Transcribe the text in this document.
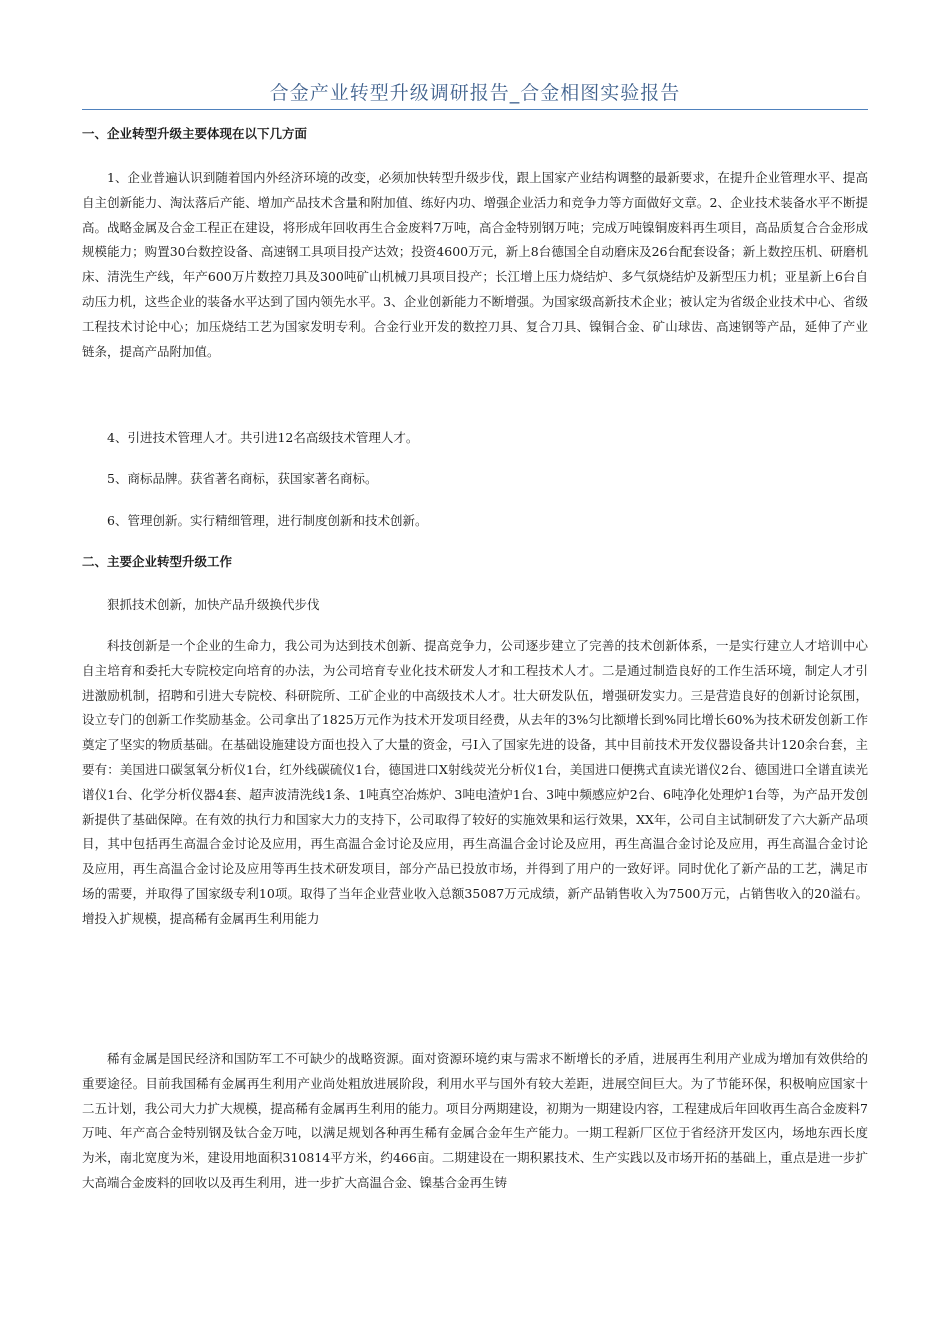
合金产业转型升级调研报告_合金相图实验报告
一、企业转型升级主要体现在以下几方面

1、企业普遍认识到随着国内外经济环境的改变，必须加快转型升级步伐，跟上国家产业结构调整的最新要求，在提升企业管理水平、提高自主创新能力、淘汰落后产能、增加产品技术含量和附加值、练好内功、增强企业活力和竞争力等方面做好文章。2、企业技术装备水平不断提高。战略金属及合金工程正在建设，将形成年回收再生合金废料7万吨，高合金特别钢万吨；完成万吨镍铜废料再生项目，高品质复合合金形成规模能力；购置30台数控设备、高速钢工具项目投产达效；投资4600万元，新上8台德国全自动磨床及26台配套设备；新上数控压机、研磨机床、清洗生产线，年产600万片数控刀具及300吨矿山机械刀具项目投产；长江增上压力烧结炉、多气氛烧结炉及新型压力机；亚星新上6台自动压力机，这些企业的装备水平达到了国内领先水平。3、企业创新能力不断增强。为国家级高新技术企业；被认定为省级企业技术中心、省级工程技术讨论中心；加压烧结工艺为国家发明专利。合金行业开发的数控刀具、复合刀具、镍铜合金、矿山球齿、高速钢等产品，延伸了产业链条，提高产品附加值。

4、引进技术管理人才。共引进12名高级技术管理人才。

5、商标品牌。获省著名商标，获国家著名商标。

6、管理创新。实行精细管理，进行制度创新和技术创新。

二、主要企业转型升级工作

狠抓技术创新，加快产品升级换代步伐

科技创新是一个企业的生命力，我公司为达到技术创新、提高竞争力，公司逐步建立了完善的技术创新体系，一是实行建立人才培训中心自主培育和委托大专院校定向培育的办法，为公司培育专业化技术研发人才和工程技术人才。二是通过制造良好的工作生活环境，制定人才引进激励机制，招聘和引进大专院校、科研院所、工矿企业的中高级技术人才。壮大研发队伍，增强研发实力。三是营造良好的创新讨论氛围，设立专门的创新工作奖励基金。公司拿出了1825万元作为技术开发项目经费，从去年的3%匀比额增长到%同比增长60%为技术研发创新工作奠定了坚实的物质基础。在基础设施建设方面也投入了大量的资金，弓I入了国家先进的设备，其中目前技术开发仪器设备共计120余台套，主要有：美国进口碳氢氧分析仪1台，红外线碳硫仪1台，德国进口X射线荧光分析仪1台，美国进口便携式直读光谱仪2台、德国进口全谱直读光谱仪1台、化学分析仪器4套、超声波清洗线1条、1吨真空冶炼炉、3吨电渣炉1台、3吨中频感应炉2台、6吨净化处理炉1台等，为产品开发创新提供了基础保障。在有效的执行力和国家大力的支持下，公司取得了较好的实施效果和运行效果，XX年，公司自主试制研发了六大新产品项目，其中包括再生高温合金讨论及应用，再生高温合金讨论及应用，再生高温合金讨论及应用，再生高温合金讨论及应用，再生高温合金讨论及应用，再生高温合金讨论及应用等再生技术研发项目，部分产品已投放市场，并得到了用户的一致好评。同时优化了新产品的工艺，满足市场的需要，并取得了国家级专利10项。取得了当年企业营业收入总额35087万元成绩，新产品销售收入为7500万元，占销售收入的20溢右。增投入扩规模，提高稀有金属再生利用能力

稀有金属是国民经济和国防军工不可缺少的战略资源。面对资源环境约束与需求不断增长的矛盾，进展再生利用产业成为增加有效供给的重要途径。目前我国稀有金属再生利用产业尚处粗放进展阶段，利用水平与国外有较大差距，进展空间巨大。为了节能环保，积极响应国家十二五计划，我公司大力扩大规模，提高稀有金属再生利用的能力。项目分两期建设，初期为一期建设内容，工程建成后年回收再生高合金废料7万吨、年产高合金特别钢及钛合金万吨，以满足规划各种再生稀有金属合金年生产能力。一期工程新厂区位于省经济开发区内，场地东西长度为米，南北宽度为米，建设用地面积310814平方米，约466亩。二期建设在一期积累技术、生产实践以及市场开拓的基础上，重点是进一步扩大高端合金废料的回收以及再生利用，进一步扩大高温合金、镍基合金再生铸
